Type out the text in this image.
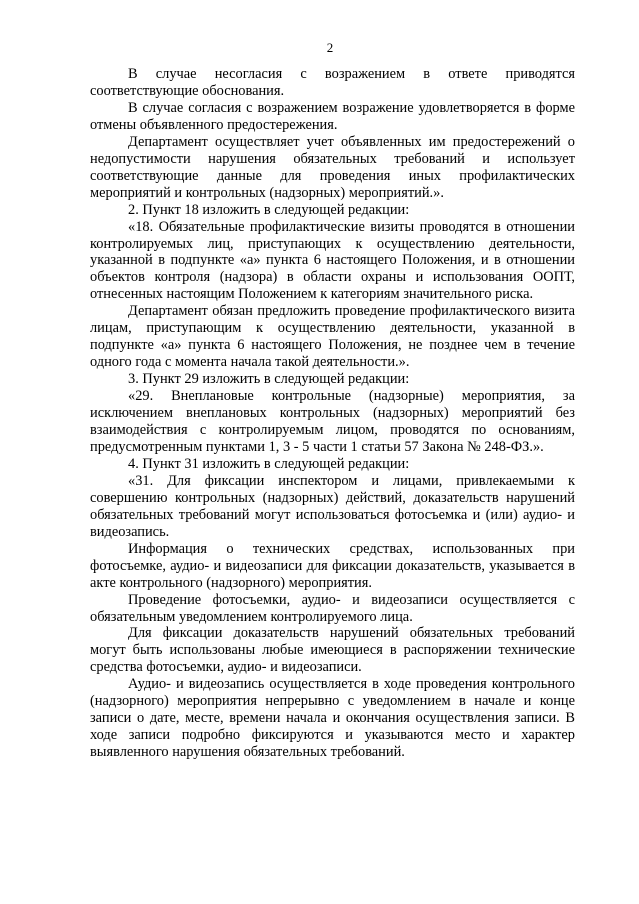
2

В случае несогласия с возражением в ответе приводятся соответствующие обоснования.

В случае согласия с возражением возражение удовлетворяется в форме отмены объявленного предостережения.

Департамент осуществляет учет объявленных им предостережений о недопустимости нарушения обязательных требований и использует соответствующие данные для проведения иных профилактических мероприятий и контрольных (надзорных) мероприятий.».

2. Пункт 18 изложить в следующей редакции:

«18. Обязательные профилактические визиты проводятся в отношении контролируемых лиц, приступающих к осуществлению деятельности, указанной в подпункте «а» пункта 6 настоящего Положения, и в отношении объектов контроля (надзора) в области охраны и использования ООПТ, отнесенных настоящим Положением к категориям значительного риска.

Департамент обязан предложить проведение профилактического визита лицам, приступающим к осуществлению деятельности, указанной в подпункте «а» пункта 6 настоящего Положения, не позднее чем в течение одного года с момента начала такой деятельности.».

3. Пункт 29 изложить в следующей редакции:

«29. Внеплановые контрольные (надзорные) мероприятия, за исключением внеплановых контрольных (надзорных) мероприятий без взаимодействия с контролируемым лицом, проводятся по основаниям, предусмотренным пунктами 1, 3 - 5 части 1 статьи 57 Закона № 248-ФЗ.».

4. Пункт 31 изложить в следующей редакции:

«31. Для фиксации инспектором и лицами, привлекаемыми к совершению контрольных (надзорных) действий, доказательств нарушений обязательных требований могут использоваться фотосъемка и (или) аудио- и видеозапись.

Информация о технических средствах, использованных при фотосъемке, аудио- и видеозаписи для фиксации доказательств, указывается в акте контрольного (надзорного) мероприятия.

Проведение фотосъемки, аудио- и видеозаписи осуществляется с обязательным уведомлением контролируемого лица.

Для фиксации доказательств нарушений обязательных требований могут быть использованы любые имеющиеся в распоряжении технические средства фотосъемки, аудио- и видеозаписи.

Аудио- и видеозапись осуществляется в ходе проведения контрольного (надзорного) мероприятия непрерывно с уведомлением в начале и конце записи о дате, месте, времени начала и окончания осуществления записи. В ходе записи подробно фиксируются и указываются место и характер выявленного нарушения обязательных требований.
